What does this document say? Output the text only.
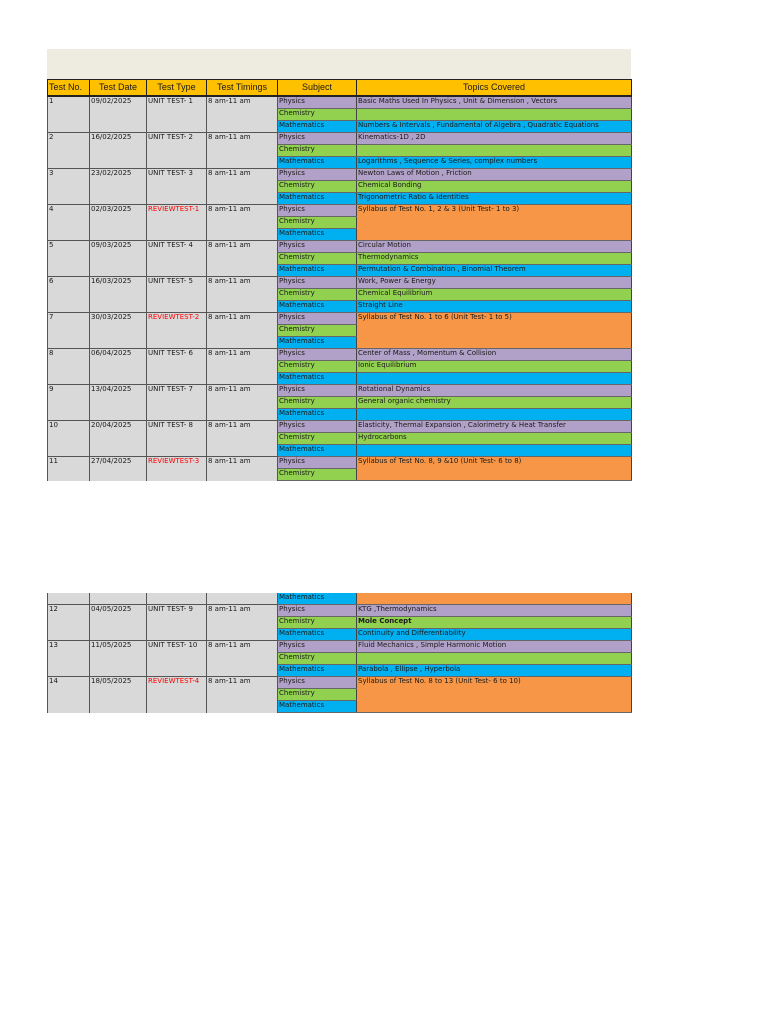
Test No.	Test Date	Test Type	Test Timings	Subject	Topics Covered
1	09/02/2025	UNIT TEST- 1	8 am-11 am	Physics	Basic Maths Used In Physics , Unit & Dimension , Vectors
				Chemistry	
				Mathematics	Numbers & Intervals , Fundamental of Algebra , Quadratic Equations
2	16/02/2025	UNIT TEST- 2	8 am-11 am	Physics	Kinematics-1D , 2D
				Chemistry	
				Mathematics	Logarithms , Sequence & Series, complex numbers
3	23/02/2025	UNIT TEST- 3	8 am-11 am	Physics	Newton Laws of Motion , Friction
				Chemistry	Chemical Bonding
				Mathematics	Trigonometric Ratio & Identities
4	02/03/2025	REVIEWTEST-1	8 am-11 am	Physics	Syllabus of Test No. 1, 2 & 3 (Unit Test- 1 to 3)
				Chemistry	
				Mathematics	
5	09/03/2025	UNIT TEST- 4	8 am-11 am	Physics	Circular Motion
				Chemistry	Thermodynamics
				Mathematics	Permutation & Combination , Binomial Theorem
6	16/03/2025	UNIT TEST- 5	8 am-11 am	Physics	Work, Power & Energy
				Chemistry	Chemical Equilibrium
				Mathematics	Straight Line
7	30/03/2025	REVIEWTEST-2	8 am-11 am	Physics	Syllabus of Test No. 1 to 6 (Unit Test- 1 to 5)
				Chemistry	
				Mathematics	
8	06/04/2025	UNIT TEST- 6	8 am-11 am	Physics	Center of Mass , Momentum & Collision
				Chemistry	Ionic Equilibrium
				Mathematics	
9	13/04/2025	UNIT TEST- 7	8 am-11 am	Physics	Rotational Dynamics
				Chemistry	General organic chemistry
				Mathematics	
10	20/04/2025	UNIT TEST- 8	8 am-11 am	Physics	Elasticity, Thermal Expansion , Calorimetry & Heat Transfer
				Chemistry	Hydrocarbons
				Mathematics	
11	27/04/2025	REVIEWTEST-3	8 am-11 am	Physics	Syllabus of Test No. 8, 9 &10 (Unit Test- 6 to 8)
				Chemistry	
				Mathematics	
12	04/05/2025	UNIT TEST- 9	8 am-11 am	Physics	KTG ,Thermodynamics
				Chemistry	Mole Concept
				Mathematics	Continuity and Differentiability
13	11/05/2025	UNIT TEST- 10	8 am-11 am	Physics	Fluid Mechanics , Simple Harmonic Motion
				Chemistry	
				Mathematics	Parabola , Ellipse , Hyperbola
14	18/05/2025	REVIEWTEST-4	8 am-11 am	Physics	Syllabus of Test No. 8 to 13 (Unit Test- 6 to 10)
				Chemistry	
				Mathematics	
